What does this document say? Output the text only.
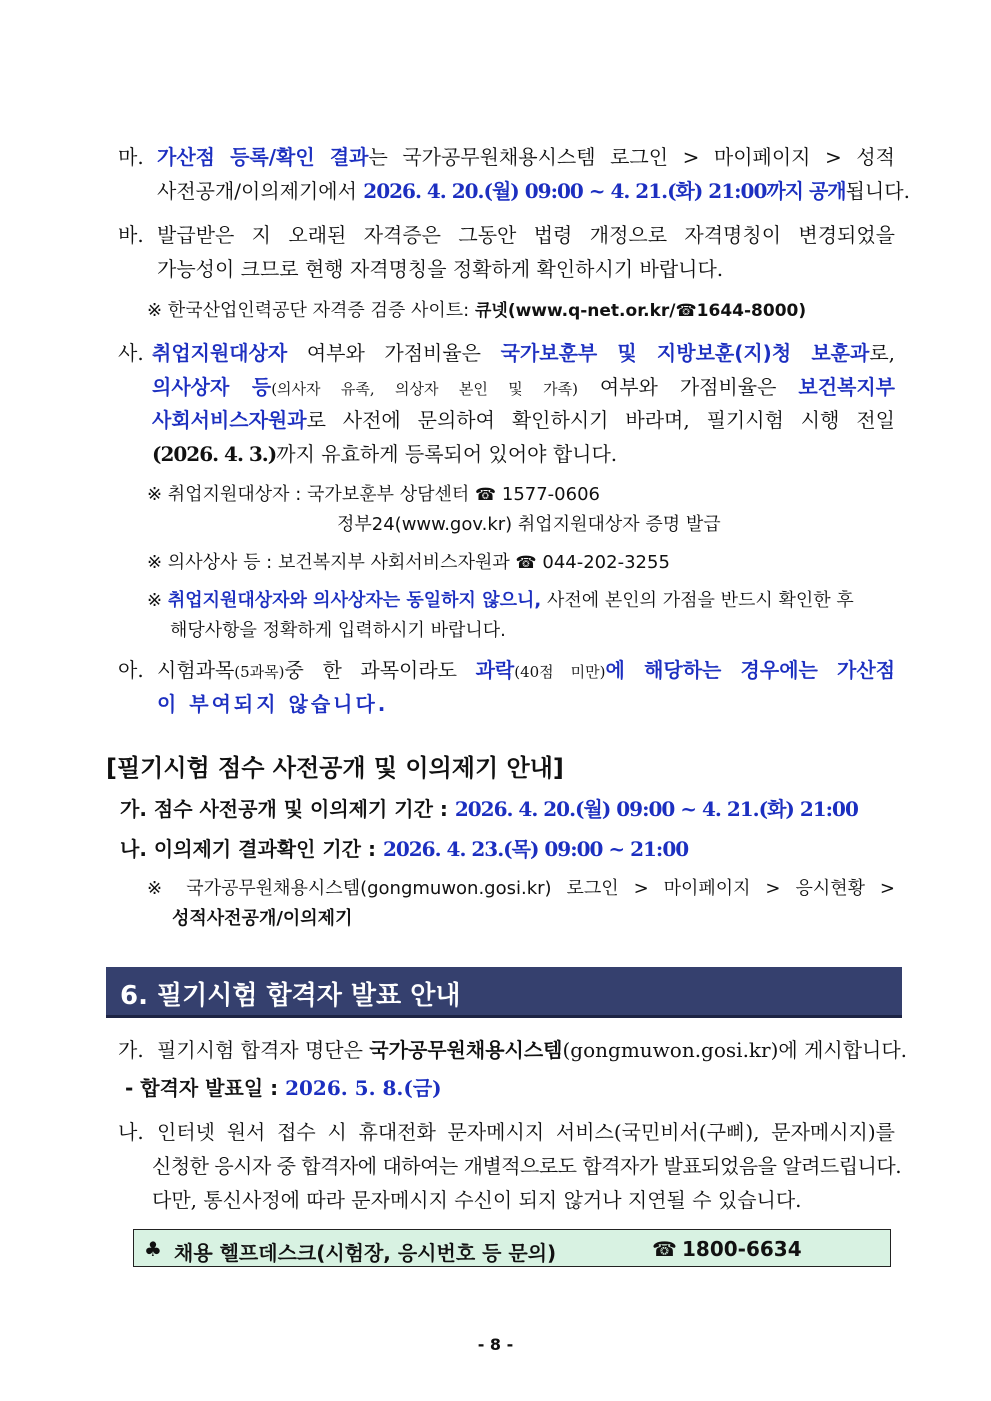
마. 가산점 등록/확인 결과는 국가공무원채용시스템 로그인 > 마이페이지 > 성적
사전공개/이의제기에서 2026. 4. 20.(월) 09:00 ~ 4. 21.(화) 21:00까지 공개됩니다.
바. 발급받은 지 오래된 자격증은 그동안 법령 개정으로 자격명칭이 변경되었을
가능성이 크므로 현행 자격명칭을 정확하게 확인하시기 바랍니다.
※ 한국산업인력공단 자격증 검증 사이트: 큐넷(www.q-net.or.kr/☎1644-8000)
사. 취업지원대상자 여부와 가점비율은 국가보훈부 및 지방보훈(지)청 보훈과로,
의사상자 등(의사자 유족, 의상자 본인 및 가족) 여부와 가점비율은 보건복지부
사회서비스자원과로 사전에 문의하여 확인하시기 바라며, 필기시험 시행 전일
(2026. 4. 3.)까지 유효하게 등록되어 있어야 합니다.
※ 취업지원대상자 : 국가보훈부 상담센터 ☎ 1577-0606
정부24(www.gov.kr) 취업지원대상자 증명 발급
※ 의사상사 등 : 보건복지부 사회서비스자원과 ☎ 044-202-3255
※ 취업지원대상자와 의사상자는 동일하지 않으니, 사전에 본인의 가점을 반드시 확인한 후
해당사항을 정확하게 입력하시기 바랍니다.
아. 시험과목(5과목)중 한 과목이라도 과락(40점 미만)에 해당하는 경우에는 가산점
이 부여되지 않습니다.
[필기시험 점수 사전공개 및 이의제기 안내]
가. 점수 사전공개 및 이의제기 기간 : 2026. 4. 20.(월) 09:00 ~ 4. 21.(화) 21:00
나. 이의제기 결과확인 기간 : 2026. 4. 23.(목) 09:00 ~ 21:00
※ 국가공무원채용시스템(gongmuwon.gosi.kr) 로그인 > 마이페이지 > 응시현황 >
성적사전공개/이의제기
6. 필기시험 합격자 발표 안내
가. 필기시험 합격자 명단은 국가공무원채용시스템(gongmuwon.gosi.kr)에 게시합니다.
- 합격자 발표일 : 2026. 5. 8.(금)
나. 인터넷 원서 접수 시 휴대전화 문자메시지 서비스(국민비서(구삐), 문자메시지)를
신청한 응시자 중 합격자에 대하여는 개별적으로도 합격자가 발표되었음을 알려드립니다.
다만, 통신사정에 따라 문자메시지 수신이 되지 않거나 지연될 수 있습니다.
♣ 채용 헬프데스크(시험장, 응시번호 등 문의)	☎ 1800-6634
- 8 -
